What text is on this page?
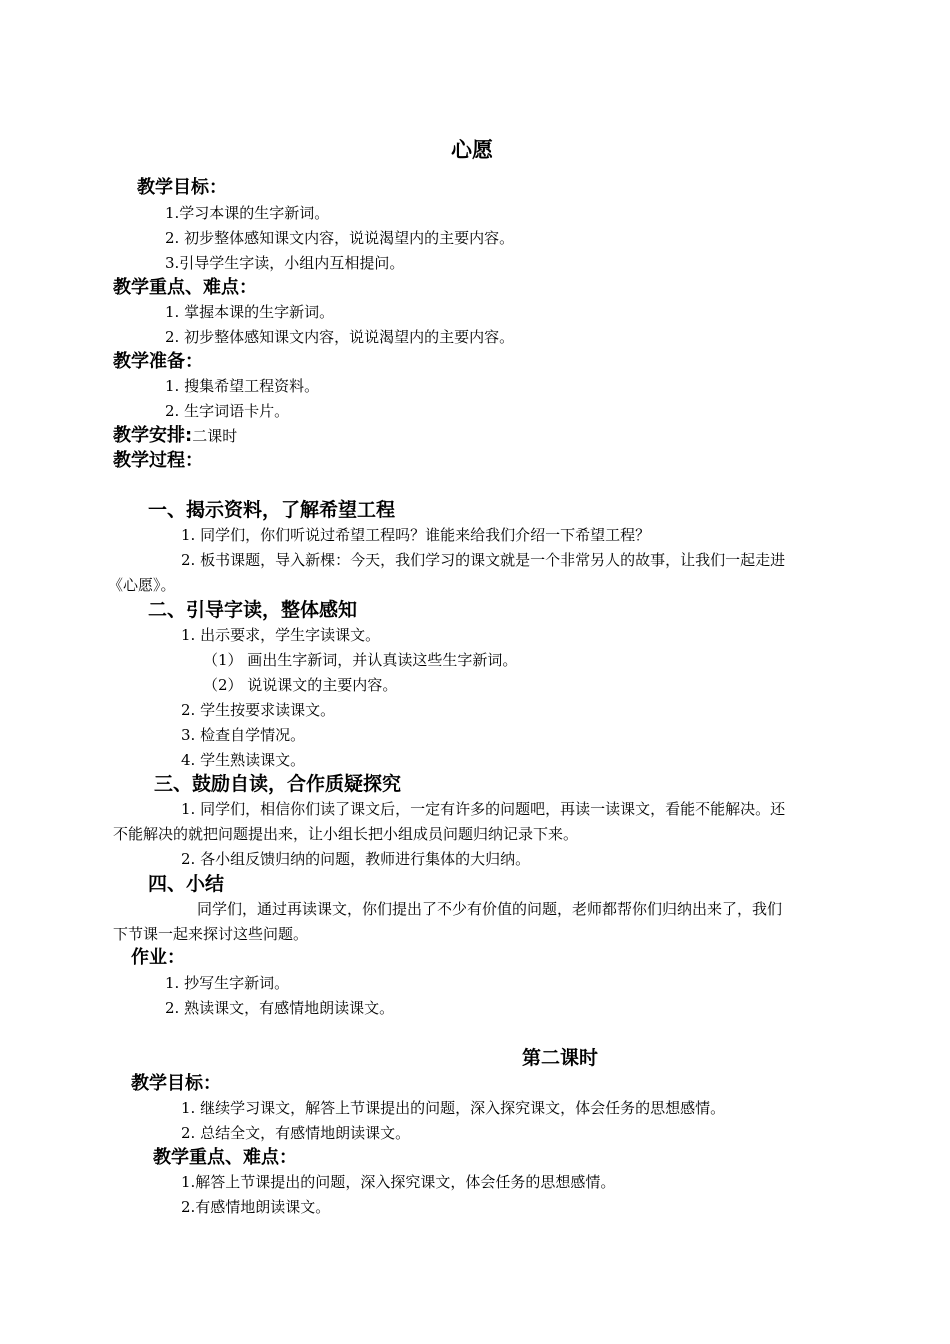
心愿
教学目标：
1.学习本课的生字新词。
2. 初步整体感知课文内容，说说渴望内的主要内容。
3.引导学生字读，小组内互相提问。
教学重点、难点：
1. 掌握本课的生字新词。
2. 初步整体感知课文内容，说说渴望内的主要内容。
教学准备：
1. 搜集希望工程资料。
2. 生字词语卡片。
教学安排:二课时
教学过程：
一、揭示资料，了解希望工程
1. 同学们，你们听说过希望工程吗？谁能来给我们介绍一下希望工程？
2. 板书课题，导入新棵：今天，我们学习的课文就是一个非常另人的故事，让我们一起走进
《心愿》。
二、引导字读，整体感知
1. 出示要求，学生字读课文。
（1） 画出生字新词，并认真读这些生字新词。
（2） 说说课文的主要内容。
2. 学生按要求读课文。
3. 检查自学情况。
4. 学生熟读课文。
三、鼓励自读，合作质疑探究
1. 同学们，相信你们读了课文后，一定有许多的问题吧，再读一读课文，看能不能解决。还
不能解决的就把问题提出来，让小组长把小组成员问题归纳记录下来。
2. 各小组反馈归纳的问题，教师进行集体的大归纳。
四、小结
同学们，通过再读课文，你们提出了不少有价值的问题，老师都帮你们归纳出来了，我们
下节课一起来探讨这些问题。
作业：
1. 抄写生字新词。
2. 熟读课文，有感情地朗读课文。
第二课时
教学目标：
1. 继续学习课文，解答上节课提出的问题，深入探究课文，体会任务的思想感情。
2. 总结全文，有感情地朗读课文。
教学重点、难点：
1.解答上节课提出的问题，深入探究课文，体会任务的思想感情。
2.有感情地朗读课文。
